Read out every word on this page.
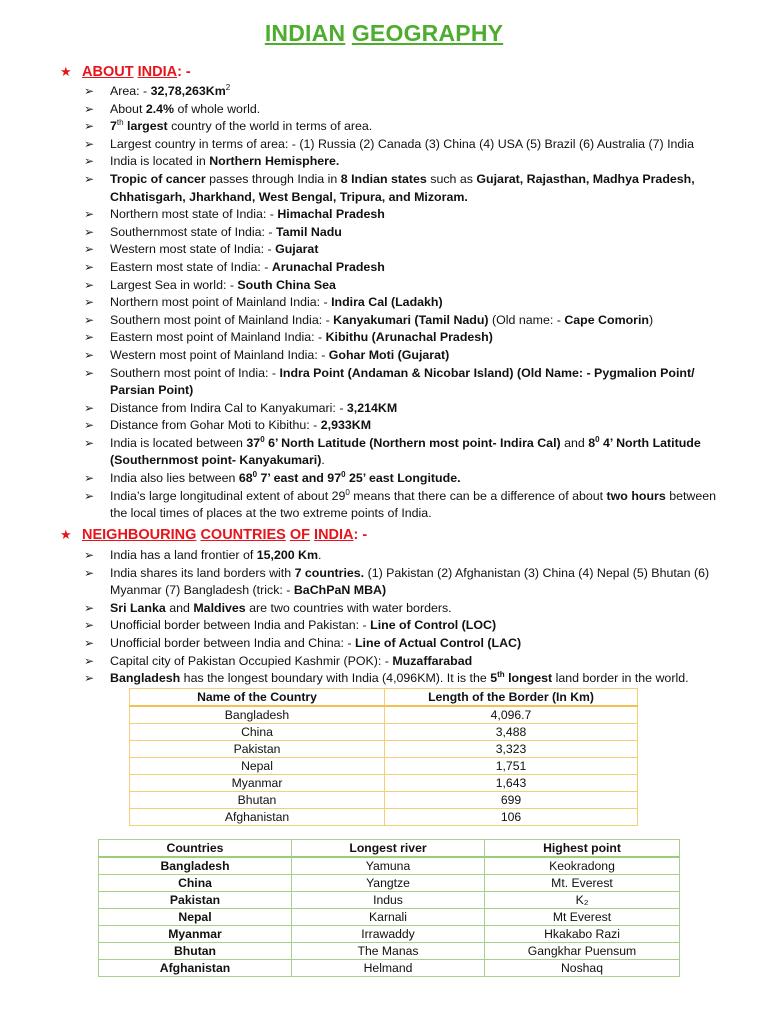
INDIAN GEOGRAPHY
★ ABOUT INDIA: -
➢	Area: - 32,78,263Km$^2$
➢	About 2.4% of whole world.
➢	7th largest country of the world in terms of area.
➢	Largest country in terms of area: - (1) Russia (2) Canada (3) China (4) USA (5) Brazil (6) Australia (7) India
➢	India is located in Northern Hemisphere.
➢	Tropic of cancer passes through India in 8 Indian states such as Gujarat, Rajasthan, Madhya Pradesh, Chhatisgarh, Jharkhand, West Bengal, Tripura, and Mizoram.
➢	Northern most state of India: - Himachal Pradesh
➢	Southernmost state of India: - Tamil Nadu
➢	Western most state of India: - Gujarat
➢	Eastern most state of India: - Arunachal Pradesh
➢	Largest Sea in world: - South China Sea
➢	Northern most point of Mainland India: - Indira Cal (Ladakh)
➢	Southern most point of Mainland India: - Kanyakumari (Tamil Nadu) (Old name: - Cape Comorin)
➢	Eastern most point of Mainland India: - Kibithu (Arunachal Pradesh)
➢	Western most point of Mainland India: - Gohar Moti (Gujarat)
➢	Southern most point of India: - Indra Point (Andaman & Nicobar Island) (Old Name: - Pygmalion Point/ Parsian Point)
➢	Distance from Indira Cal to Kanyakumari: - 3,214KM
➢	Distance from Gohar Moti to Kibithu: - 2,933KM
➢	India is located between $37^0$ 6’ North Latitude (Northern most point- Indira Cal) and $8^0$ 4’ North Latitude (Southernmost point- Kanyakumari).
➢	India also lies between $68^0$ 7’ east and $97^0$ 25’ east Longitude.
➢	India’s large longitudinal extent of about $29^0$ means that there can be a difference of about two hours between the local times of places at the two extreme points of India.
★ NEIGHBOURING COUNTRIES OF INDIA: -
➢	India has a land frontier of 15,200 Km.
➢	India shares its land borders with 7 countries. (1) Pakistan (2) Afghanistan (3) China (4) Nepal (5) Bhutan (6) Myanmar (7) Bangladesh (trick: - BaChPaN MBA)
➢	Sri Lanka and Maldives are two countries with water borders.
➢	Unofficial border between India and Pakistan: - Line of Control (LOC)
➢	Unofficial border between India and China: - Line of Actual Control (LAC)
➢	Capital city of Pakistan Occupied Kashmir (POK): - Muzaffarabad
➢	Bangladesh has the longest boundary with India (4,096KM). It is the 5th longest land border in the world.
Name of the Country	Length of the Border (In Km)
Bangladesh	4,096.7
China	3,488
Pakistan	3,323
Nepal	1,751
Myanmar	1,643
Bhutan	699
Afghanistan	106
Countries	Longest river	Highest point
Bangladesh	Yamuna	Keokradong
China	Yangtze	Mt. Everest
Pakistan	Indus	K₂
Nepal	Karnali	Mt Everest
Myanmar	Irrawaddy	Hkakabo Razi
Bhutan	The Manas	Gangkhar Puensum
Afghanistan	Helmand	Noshaq
